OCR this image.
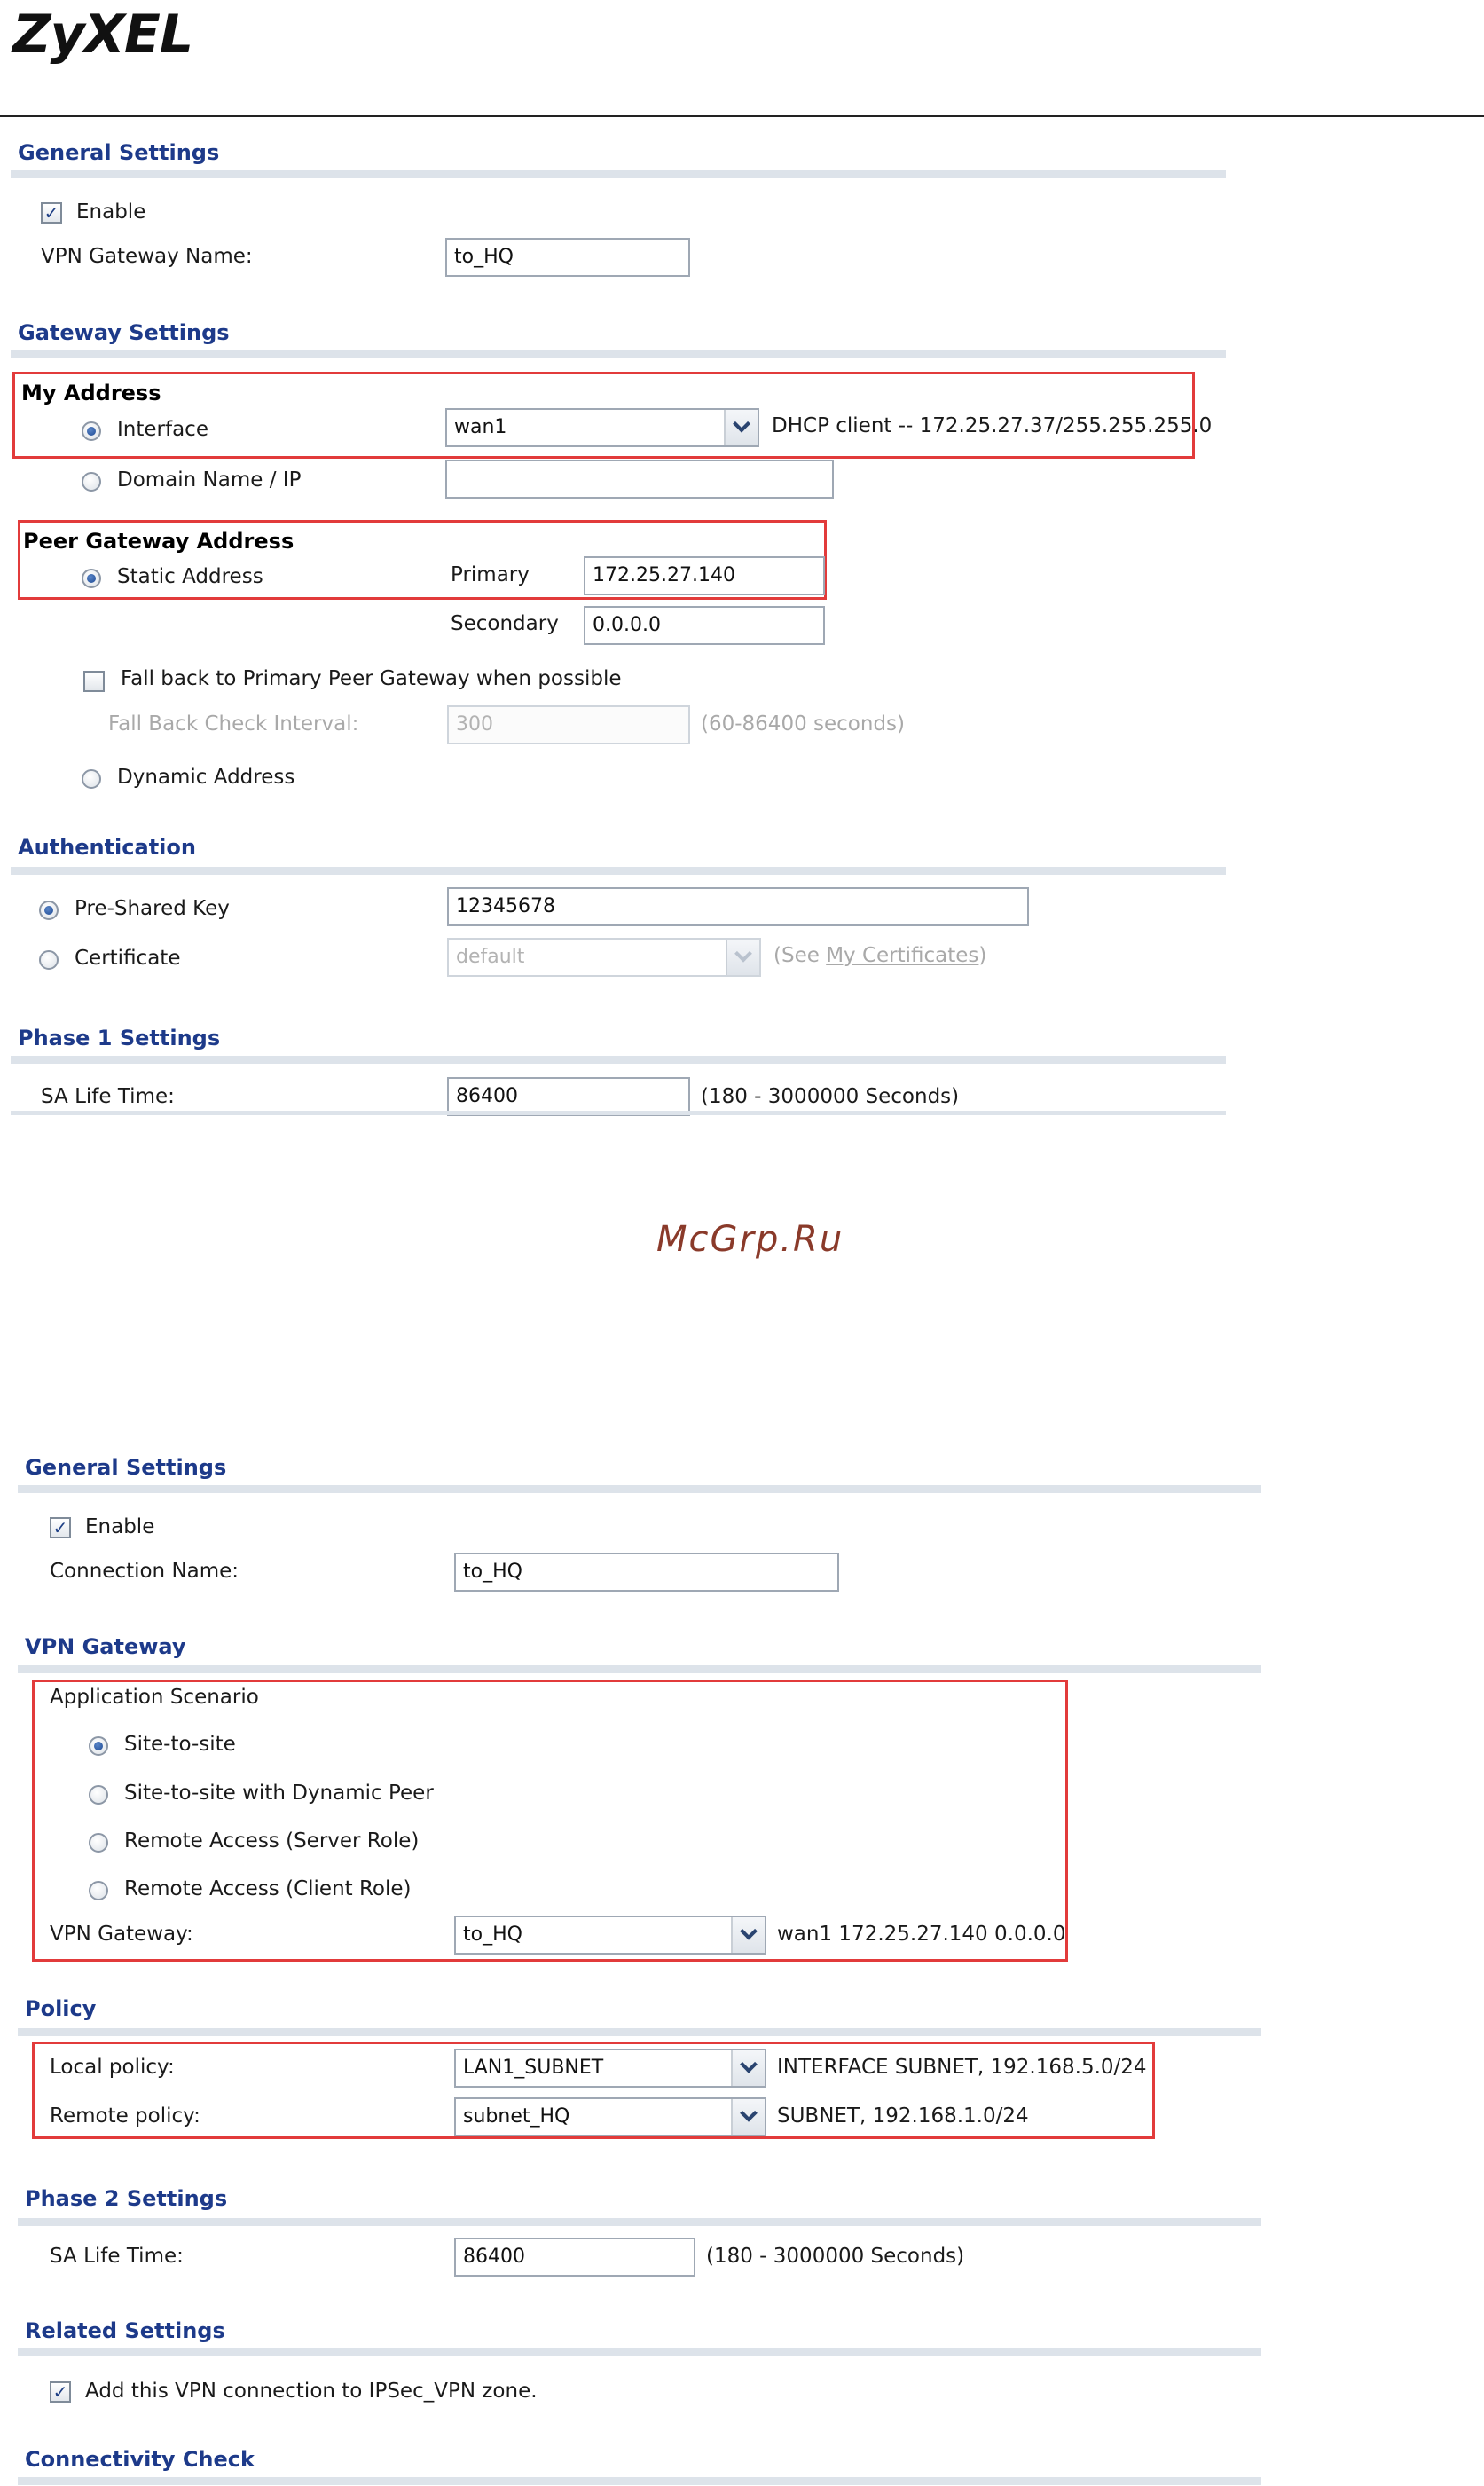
ZyXEL
General Settings
✓ Enable
VPN Gateway Name:	to_HQ
Gateway Settings
My Address
Interface	wan1	DHCP client -- 172.25.27.37/255.255.255.0
Domain Name / IP
Peer Gateway Address
Static Address	Primary	172.25.27.140
Secondary	0.0.0.0
Fall back to Primary Peer Gateway when possible
Fall Back Check Interval:	300	(60-86400 seconds)
Dynamic Address
Authentication
Pre-Shared Key	12345678
Certificate	default	(See My Certificates)
Phase 1 Settings
SA Life Time:	86400	(180 - 3000000 Seconds)
McGrp.Ru
General Settings
✓ Enable
Connection Name:	to_HQ
VPN Gateway
Application Scenario
Site-to-site
Site-to-site with Dynamic Peer
Remote Access (Server Role)
Remote Access (Client Role)
VPN Gateway:	to_HQ	wan1 172.25.27.140 0.0.0.0
Policy
Local policy:	LAN1_SUBNET	INTERFACE SUBNET, 192.168.5.0/24
Remote policy:	subnet_HQ	SUBNET, 192.168.1.0/24
Phase 2 Settings
SA Life Time:	86400	(180 - 3000000 Seconds)
Related Settings
✓ Add this VPN connection to IPSec_VPN zone.
Connectivity Check
